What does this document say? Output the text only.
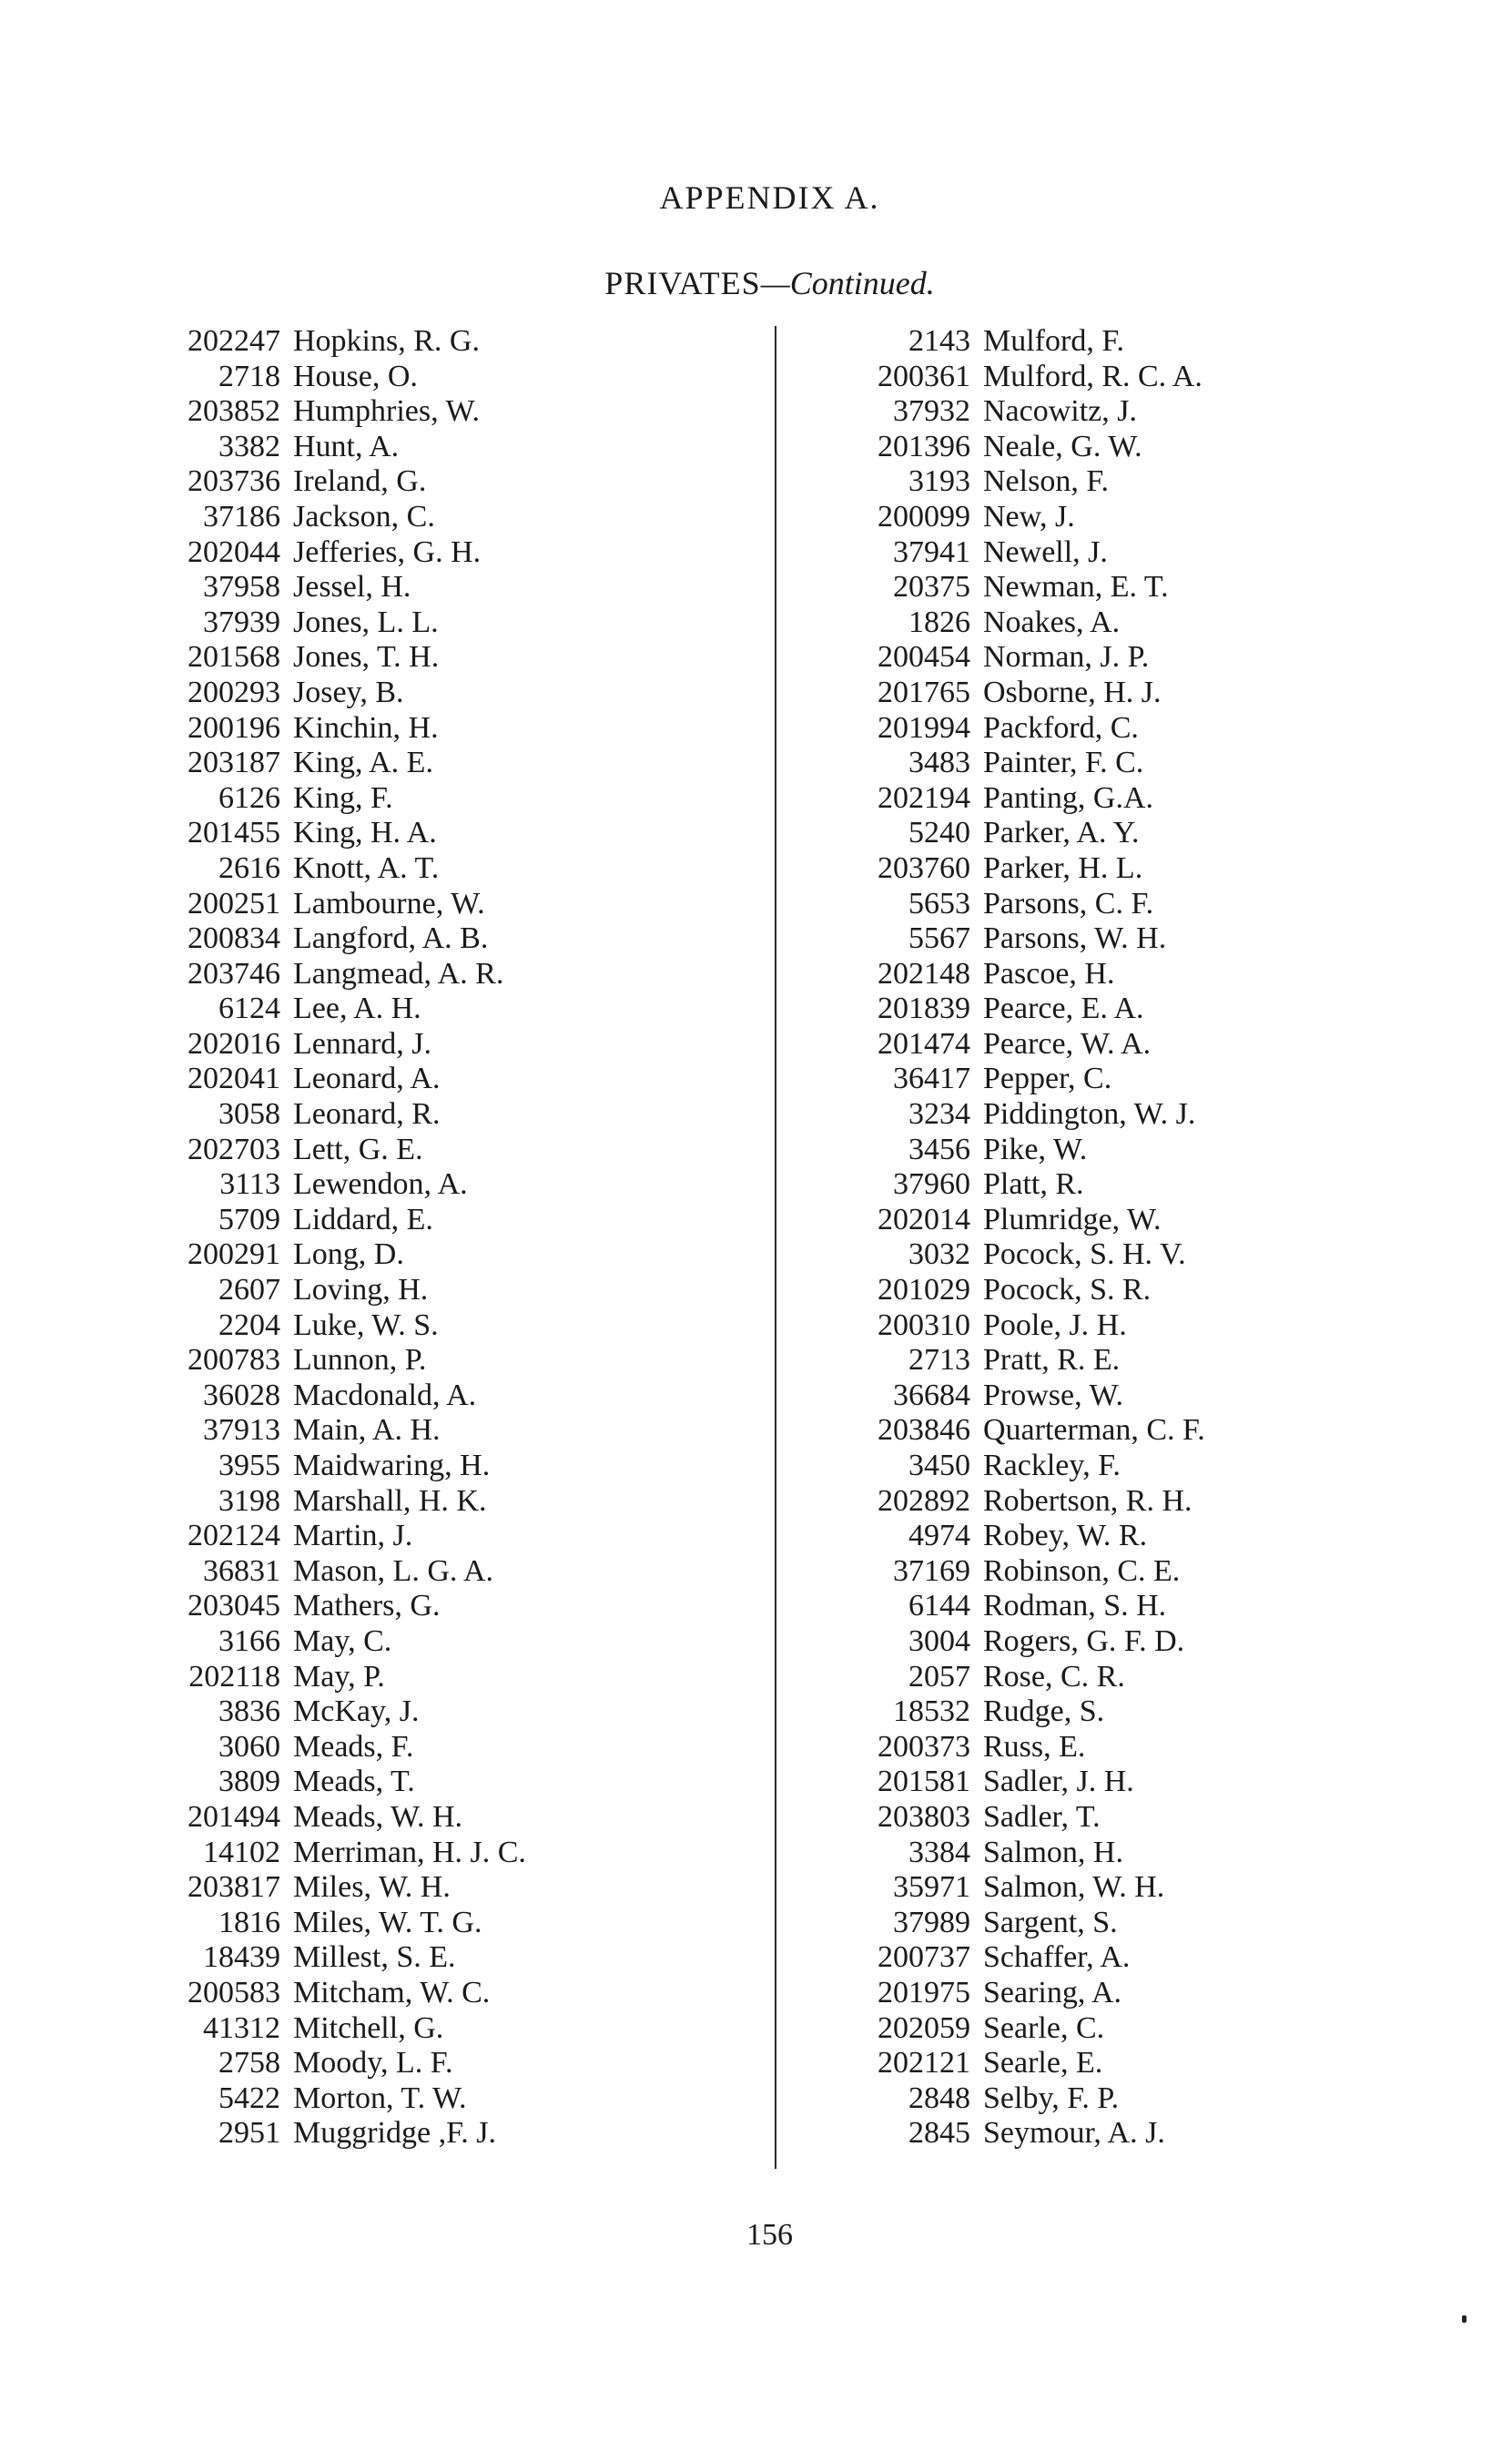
APPENDIX A.
PRIVATES—Continued.
202247 Hopkins, R. G.
2718 House, O.
203852 Humphries, W.
3382 Hunt, A.
203736 Ireland, G.
37186 Jackson, C.
202044 Jefferies, G. H.
37958 Jessel, H.
37939 Jones, L. L.
201568 Jones, T. H.
200293 Josey, B.
200196 Kinchin, H.
203187 King, A. E.
6126 King, F.
201455 King, H. A.
2616 Knott, A. T.
200251 Lambourne, W.
200834 Langford, A. B.
203746 Langmead, A. R.
6124 Lee, A. H.
202016 Lennard, J.
202041 Leonard, A.
3058 Leonard, R.
202703 Lett, G. E.
3113 Lewendon, A.
5709 Liddard, E.
200291 Long, D.
2607 Loving, H.
2204 Luke, W. S.
200783 Lunnon, P.
36028 Macdonald, A.
37913 Main, A. H.
3955 Maidwaring, H.
3198 Marshall, H. K.
202124 Martin, J.
36831 Mason, L. G. A.
203045 Mathers, G.
3166 May, C.
202118 May, P.
3836 McKay, J.
3060 Meads, F.
3809 Meads, T.
201494 Meads, W. H.
14102 Merriman, H. J. C.
203817 Miles, W. H.
1816 Miles, W. T. G.
18439 Millest, S. E.
200583 Mitcham, W. C.
41312 Mitchell, G.
2758 Moody, L. F.
5422 Morton, T. W.
2951 Muggridge ,F. J.
2143 Mulford, F.
200361 Mulford, R. C. A.
37932 Nacowitz, J.
201396 Neale, G. W.
3193 Nelson, F.
200099 New, J.
37941 Newell, J.
20375 Newman, E. T.
1826 Noakes, A.
200454 Norman, J. P.
201765 Osborne, H. J.
201994 Packford, C.
3483 Painter, F. C.
202194 Panting, G.A.
5240 Parker, A. Y.
203760 Parker, H. L.
5653 Parsons, C. F.
5567 Parsons, W. H.
202148 Pascoe, H.
201839 Pearce, E. A.
201474 Pearce, W. A.
36417 Pepper, C.
3234 Piddington, W. J.
3456 Pike, W.
37960 Platt, R.
202014 Plumridge, W.
3032 Pocock, S. H. V.
201029 Pocock, S. R.
200310 Poole, J. H.
2713 Pratt, R. E.
36684 Prowse, W.
203846 Quarterman, C. F.
3450 Rackley, F.
202892 Robertson, R. H.
4974 Robey, W. R.
37169 Robinson, C. E.
6144 Rodman, S. H.
3004 Rogers, G. F. D.
2057 Rose, C. R.
18532 Rudge, S.
200373 Russ, E.
201581 Sadler, J. H.
203803 Sadler, T.
3384 Salmon, H.
35971 Salmon, W. H.
37989 Sargent, S.
200737 Schaffer, A.
201975 Searing, A.
202059 Searle, C.
202121 Searle, E.
2848 Selby, F. P.
2845 Seymour, A. J.
156
